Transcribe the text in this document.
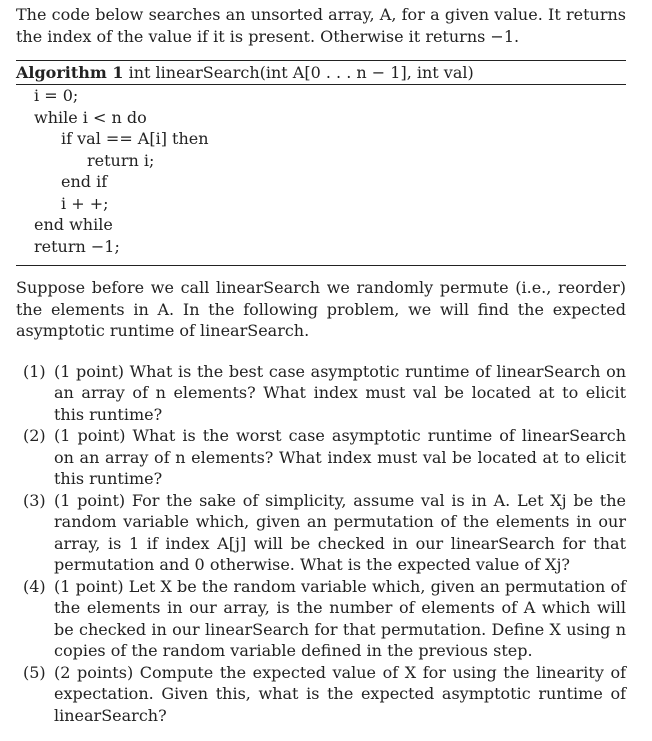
The code below searches an unsorted array, A, for a given value. It returns the index of the value if it is present. Otherwise it returns −1.

Algorithm 1 int linearSearch(int A[0 . . . n − 1], int val)
i = 0;
while i < n do
if val == A[i] then
return i;
end if
i + +;
end while
return −1;

Suppose before we call linearSearch we randomly permute (i.e., reorder) the elements in A. In the following problem, we will find the expected asymptotic runtime of linearSearch.

(1) (1 point) What is the best case asymptotic runtime of linearSearch on an array of n elements? What index must val be located at to elicit this runtime?
(2) (1 point) What is the worst case asymptotic runtime of linearSearch on an array of n elements? What index must val be located at to elicit this runtime?
(3) (1 point) For the sake of simplicity, assume val is in A. Let Xj be the random variable which, given an permutation of the elements in our array, is 1 if index A[j] will be checked in our linearSearch for that permutation and 0 otherwise. What is the expected value of Xj?
(4) (1 point) Let X be the random variable which, given an permutation of the elements in our array, is the number of elements of A which will be checked in our linearSearch for that permutation. Define X using n copies of the random variable defined in the previous step.
(5) (2 points) Compute the expected value of X for using the linearity of expectation. Given this, what is the expected asymptotic runtime of linearSearch?
